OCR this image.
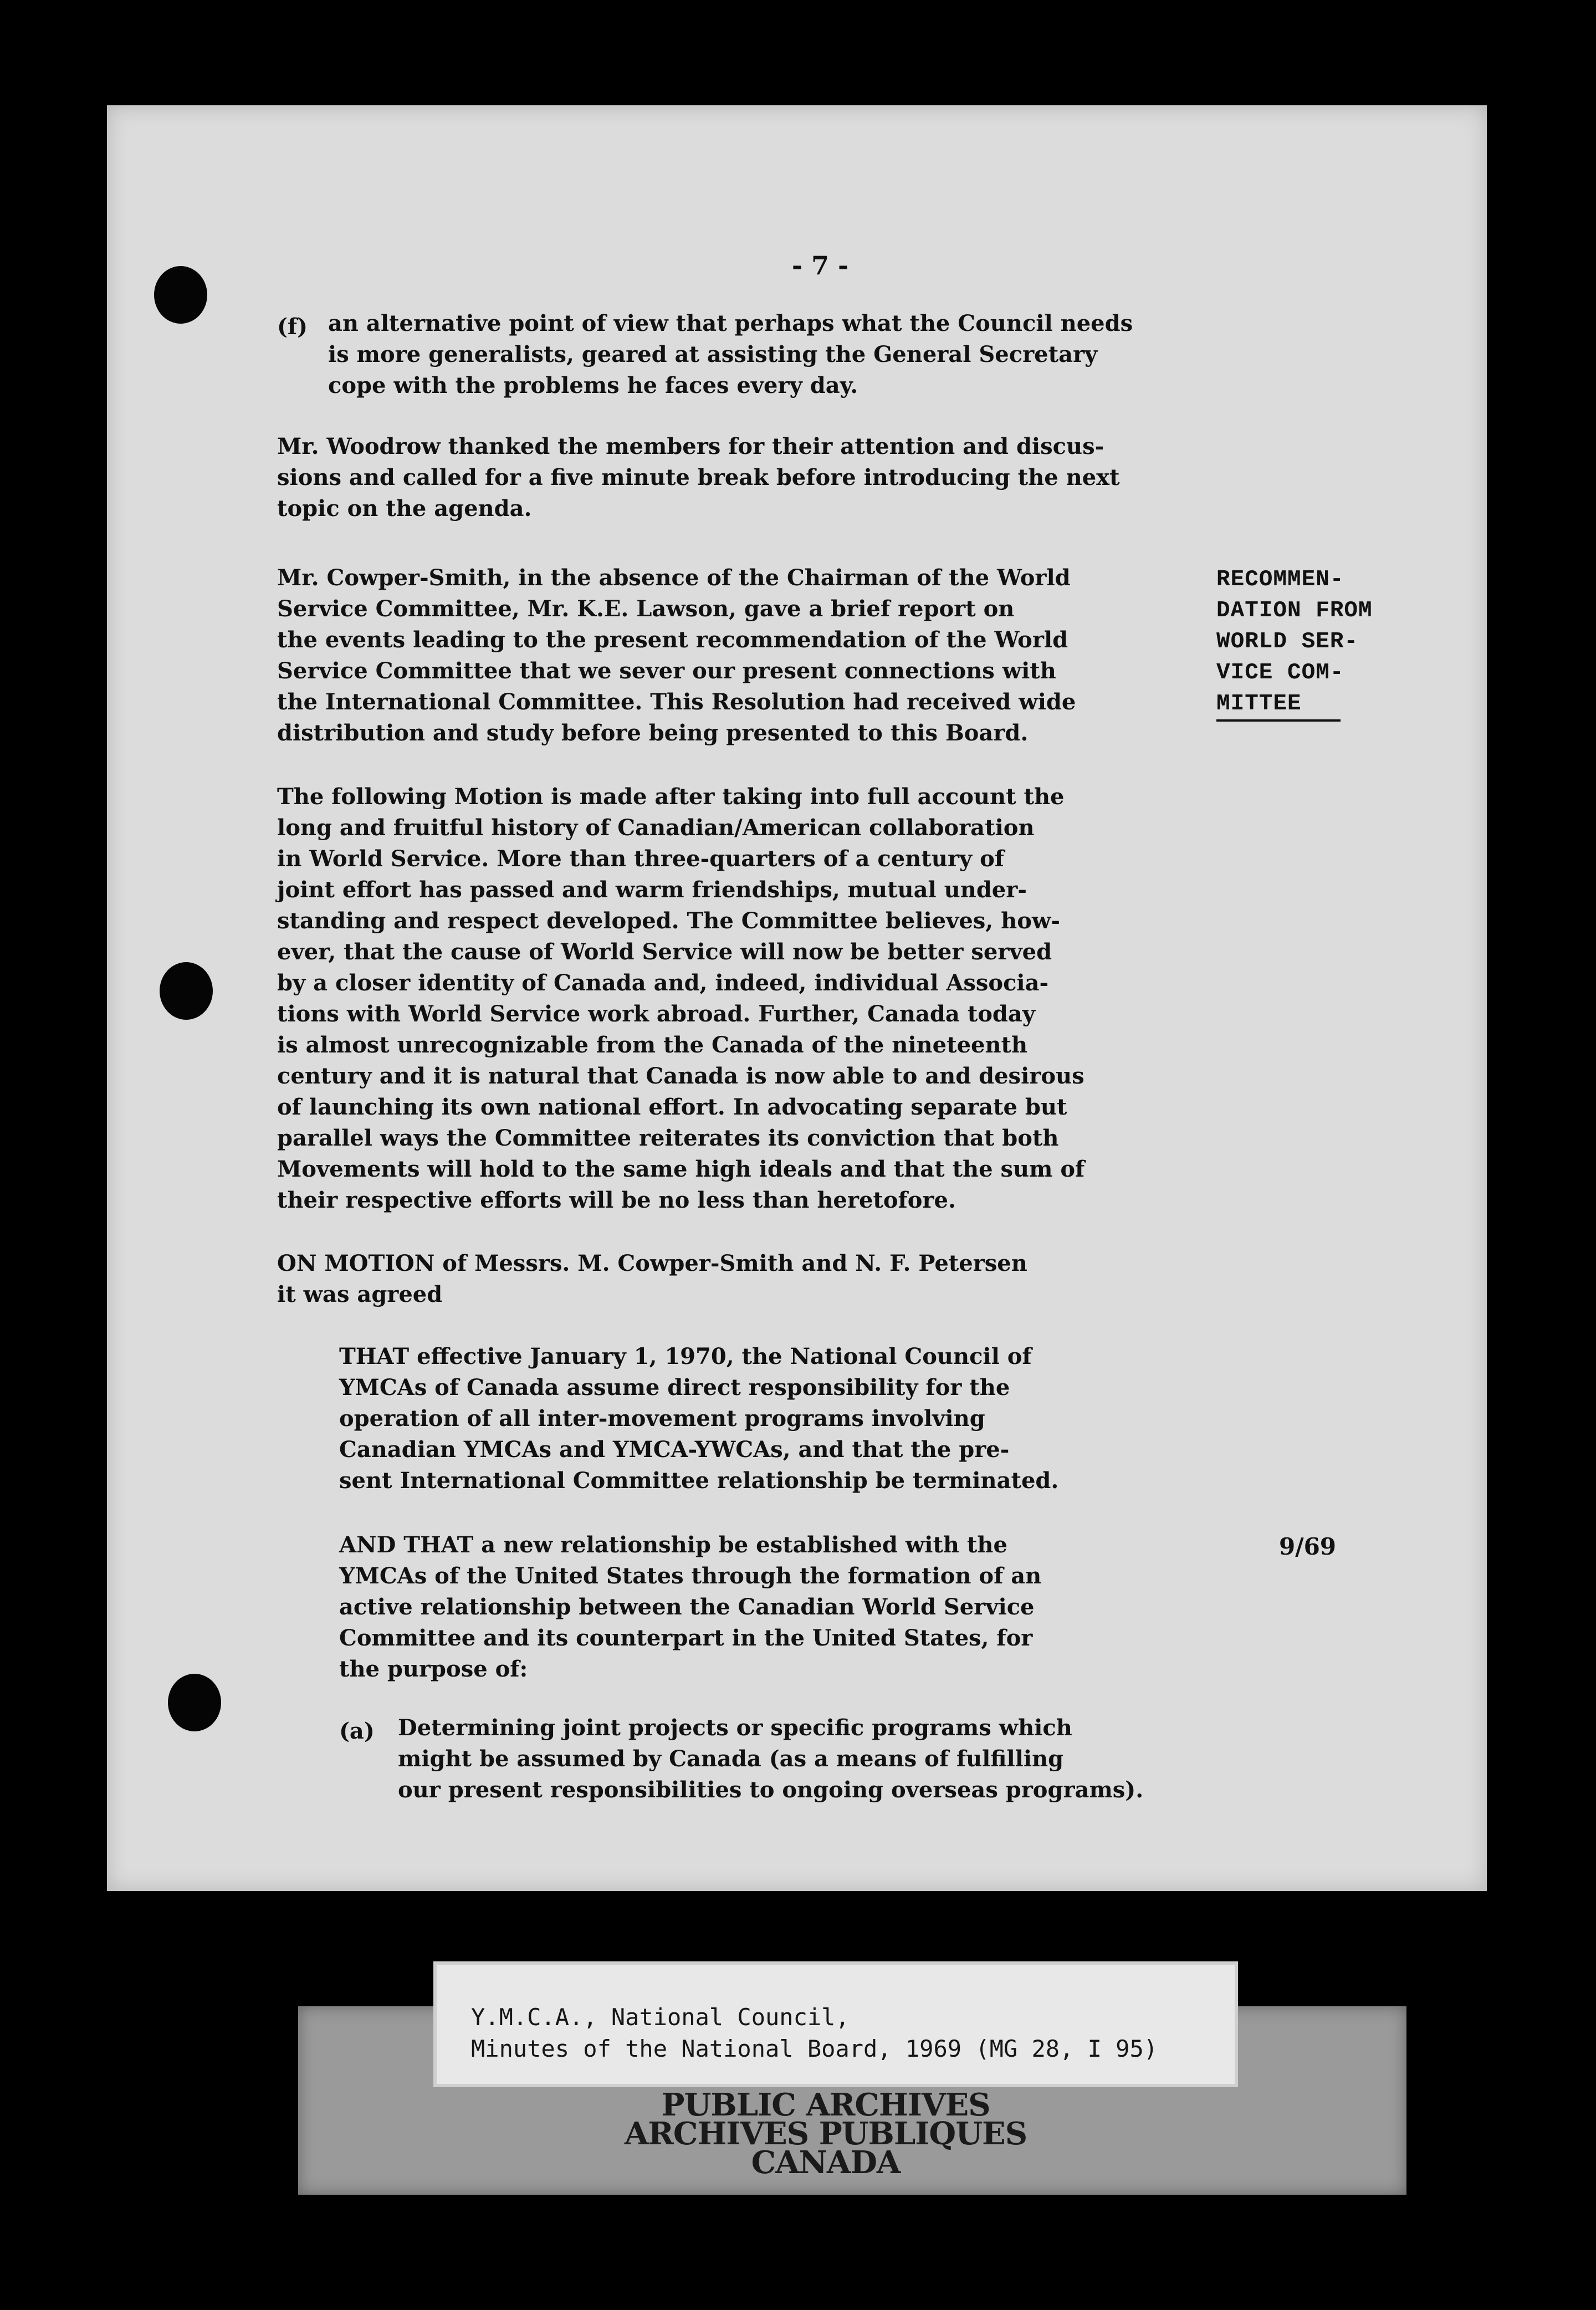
- 7 -
(f) an alternative point of view that perhaps what the Council needs
is more generalists, geared at assisting the General Secretary
cope with the problems he faces every day.
Mr. Woodrow thanked the members for their attention and discus-
sions and called for a five minute break before introducing the next
topic on the agenda.
Mr. Cowper-Smith, in the absence of the Chairman of the World
Service Committee, Mr. K.E. Lawson, gave a brief report on
the events leading to the present recommendation of the World
Service Committee that we sever our present connections with
the International Committee. This Resolution had received wide
distribution and study before being presented to this Board.
RECOMMEN-
DATION FROM
WORLD SER-
VICE COM-
MITTEE
The following Motion is made after taking into full account the
long and fruitful history of Canadian/American collaboration
in World Service. More than three-quarters of a century of
joint effort has passed and warm friendships, mutual under-
standing and respect developed. The Committee believes, how-
ever, that the cause of World Service will now be better served
by a closer identity of Canada and, indeed, individual Associa-
tions with World Service work abroad. Further, Canada today
is almost unrecognizable from the Canada of the nineteenth
century and it is natural that Canada is now able to and desirous
of launching its own national effort. In advocating separate but
parallel ways the Committee reiterates its conviction that both
Movements will hold to the same high ideals and that the sum of
their respective efforts will be no less than heretofore.
ON MOTION of Messrs. M. Cowper-Smith and N. F. Petersen
it was agreed
THAT effective January 1, 1970, the National Council of
YMCAs of Canada assume direct responsibility for the
operation of all inter-movement programs involving
Canadian YMCAs and YMCA-YWCAs, and that the pre-
sent International Committee relationship be terminated.
AND THAT a new relationship be established with the
YMCAs of the United States through the formation of an
active relationship between the Canadian World Service
Committee and its counterpart in the United States, for
the purpose of:
9/69
(a) Determining joint projects or specific programs which
might be assumed by Canada (as a means of fulfilling
our present responsibilities to ongoing overseas programs).
Y.M.C.A., National Council,
Minutes of the National Board, 1969 (MG 28, I 95)
PUBLIC ARCHIVES
ARCHIVES PUBLIQUES
CANADA
